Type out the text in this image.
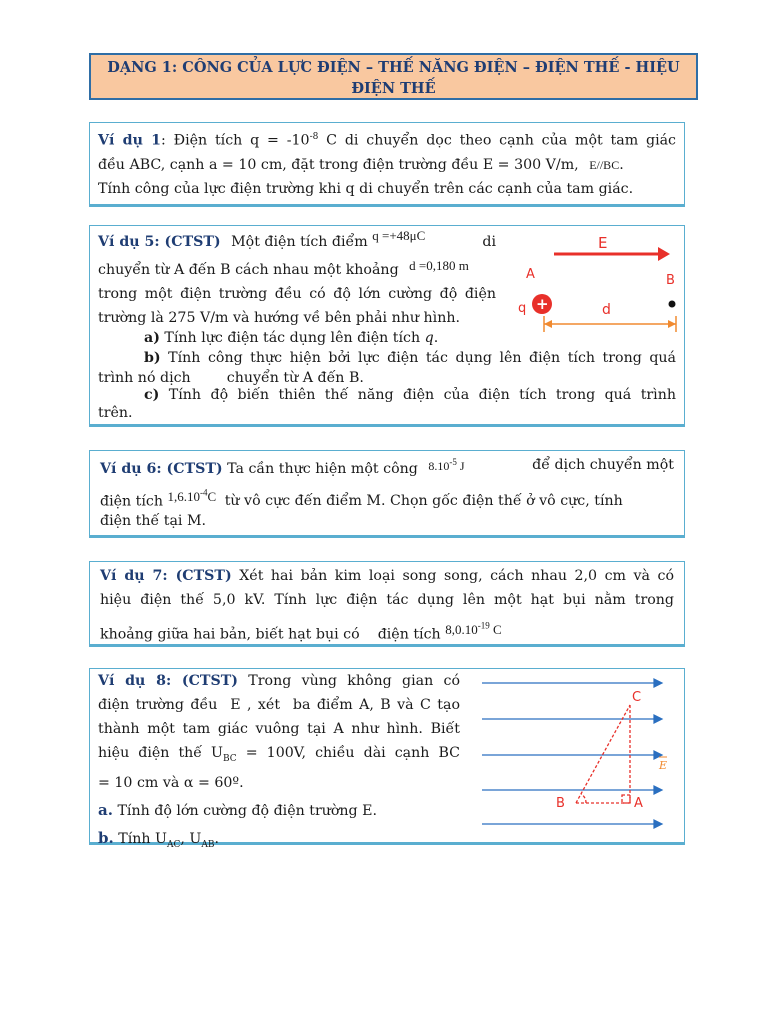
DẠNG 1: CÔNG CỦA LỰC ĐIỆN – THẾ NĂNG ĐIỆN – ĐIỆN THẾ - HIỆU
ĐIỆN THẾ
Ví dụ 1: Điện tích $q = -10^{-8}$ C di chuyển dọc theo cạnh của một tam giác
đều ABC, cạnh a = 10 cm, đặt trong điện trường đều E = 300 V/m, E//BC.
Tính công của lực điện trường khi q di chuyển trên các cạnh của tam giác.
Ví dụ 5: (CTST) Một điện tích điểm q =+48μC	di
chuyển từ A đến B cách nhau một khoảng d =0,180 m
trong một điện trường đều có độ lớn cường độ điện
trường là 275 V/m và hướng về bên phải như hình.
a) Tính lực điện tác dụng lên điện tích q.
b) Tính công thực hiện bởi lực điện tác dụng lên điện tích trong quá
trình nó dịch        chuyển từ A đến B.
c) Tính độ biến thiên thế năng điện của điện tích trong quá trình
trên.
E
A	B
q +	d
Ví dụ 6: (CTST) Ta cần thực hiện một công $^{8.10^{-5} J}$	để dịch chuyển một
điện tích $1,6.10^{-4}C$ từ vô cực đến điểm M. Chọn gốc điện thế ở vô cực, tính
điện thế tại M.
Ví dụ 7: (CTST) Xét hai bản kim loại song song, cách nhau 2,0 cm và có
hiệu điện thế 5,0 kV. Tính lực điện tác dụng lên một hạt bụi nằm trong
khoảng giữa hai bản, biết hạt bụi có    điện tích $8,0.10^{-19}$ C
Ví dụ 8: (CTST) Trong vùng không gian có
điện trường đều  E , xét  ba điểm A, B và C tạo
thành một tam giác vuông tại A như hình. Biết
hiệu điện thế $U_{BC} = 100V$, chiều dài cạnh BC
= 10 cm và α = 60º.
a. Tính độ lớn cường độ điện trường E.
b. Tính $U_{AC}$, $U_{AB}$.
C
B	A
E
